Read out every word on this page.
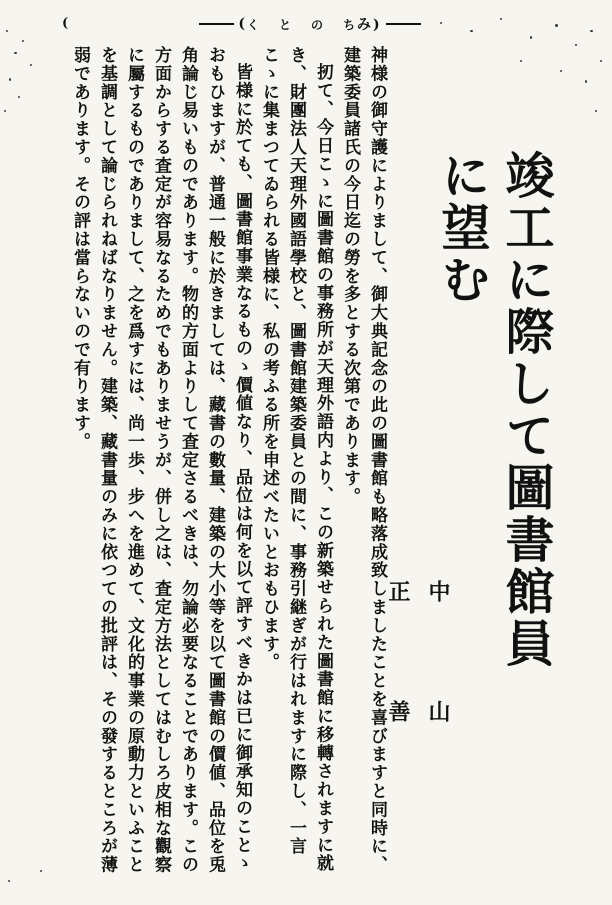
(	( く と の ち み)
竣工に際して圖書館員に望む
中　山　正　善
神様の御守護によりまして、御大典記念の此の圖書館も略落成致しましたことを喜びますと同時に、建築委員諸氏の今日迄の勞を多とする次第であります。
扨て、今日こゝに圖書館の事務所が天理外語内より、この新築せられた圖書館に移轉されますに就き、財團法人天理外國語學校と、圖書館建築委員との間に、事務引継ぎが行はれますに際し、一言こゝに集まつてゐられる皆様に、私の考ふる所を申述べたいとおもひます。
皆様に於ても、圖書館事業なるものゝ價値なり、品位は何を以て評すべきかは已に御承知のことゝおもひますが、普通一般に於きましては、藏書の數量、建築の大小等を以て圖書館の價値、品位を兎角論じ易いものであります。物的方面よりして査定さるべきは、勿論必要なることであります。この方面からする査定が容易なるためでもありませうが、併し之は、査定方法としてはむしろ皮相な觀察に屬するものでありまして、之を爲すには、尚一歩、步へを進めて、文化的事業の原動力といふことを基調として論じられねばなりません。建築、藏書量のみに依つての批評は、その發するところが薄弱であります。その評は當らないので有ります。
